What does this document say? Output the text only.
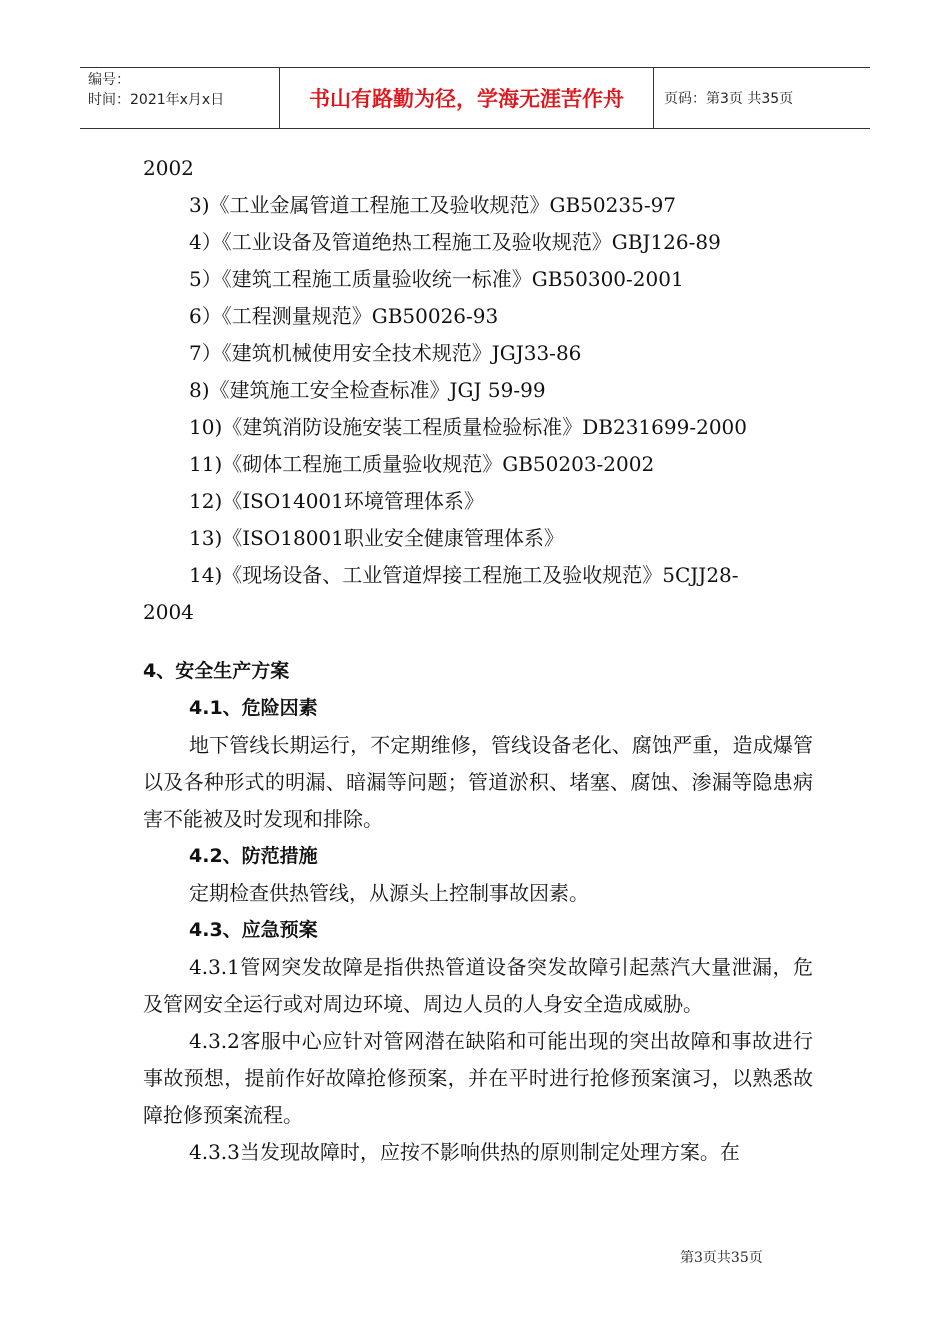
编号：
时间：2021年x月x日	书山有路勤为径，学海无涯苦作舟	页码：第3页 共35页

2002

3)《工业金属管道工程施工及验收规范》GB50235-97

4）《工业设备及管道绝热工程施工及验收规范》GBJ126-89

5）《建筑工程施工质量验收统一标准》GB50300-2001

6）《工程测量规范》GB50026-93

7）《建筑机械使用安全技术规范》JGJ33-86

8)《建筑施工安全检查标准》JGJ 59-99

10)《建筑消防设施安装工程质量检验标准》DB231699-2000

11)《砌体工程施工质量验收规范》GB50203-2002

12)《ISO14001环境管理体系》

13)《ISO18001职业安全健康管理体系》

14)《现场设备、工业管道焊接工程施工及验收规范》5CJJ28-

2004

4、安全生产方案

4.1、危险因素

地下管线长期运行，不定期维修，管线设备老化、腐蚀严重，造成爆管以及各种形式的明漏、暗漏等问题；管道淤积、堵塞、腐蚀、渗漏等隐患病害不能被及时发现和排除。

4.2、防范措施

定期检查供热管线，从源头上控制事故因素。

4.3、应急预案

4.3.1管网突发故障是指供热管道设备突发故障引起蒸汽大量泄漏，危及管网安全运行或对周边环境、周边人员的人身安全造成威胁。

4.3.2客服中心应针对管网潜在缺陷和可能出现的突出故障和事故进行事故预想，提前作好故障抢修预案，并在平时进行抢修预案演习，以熟悉故障抢修预案流程。

4.3.3当发现故障时，应按不影响供热的原则制定处理方案。在

第3页共35页
